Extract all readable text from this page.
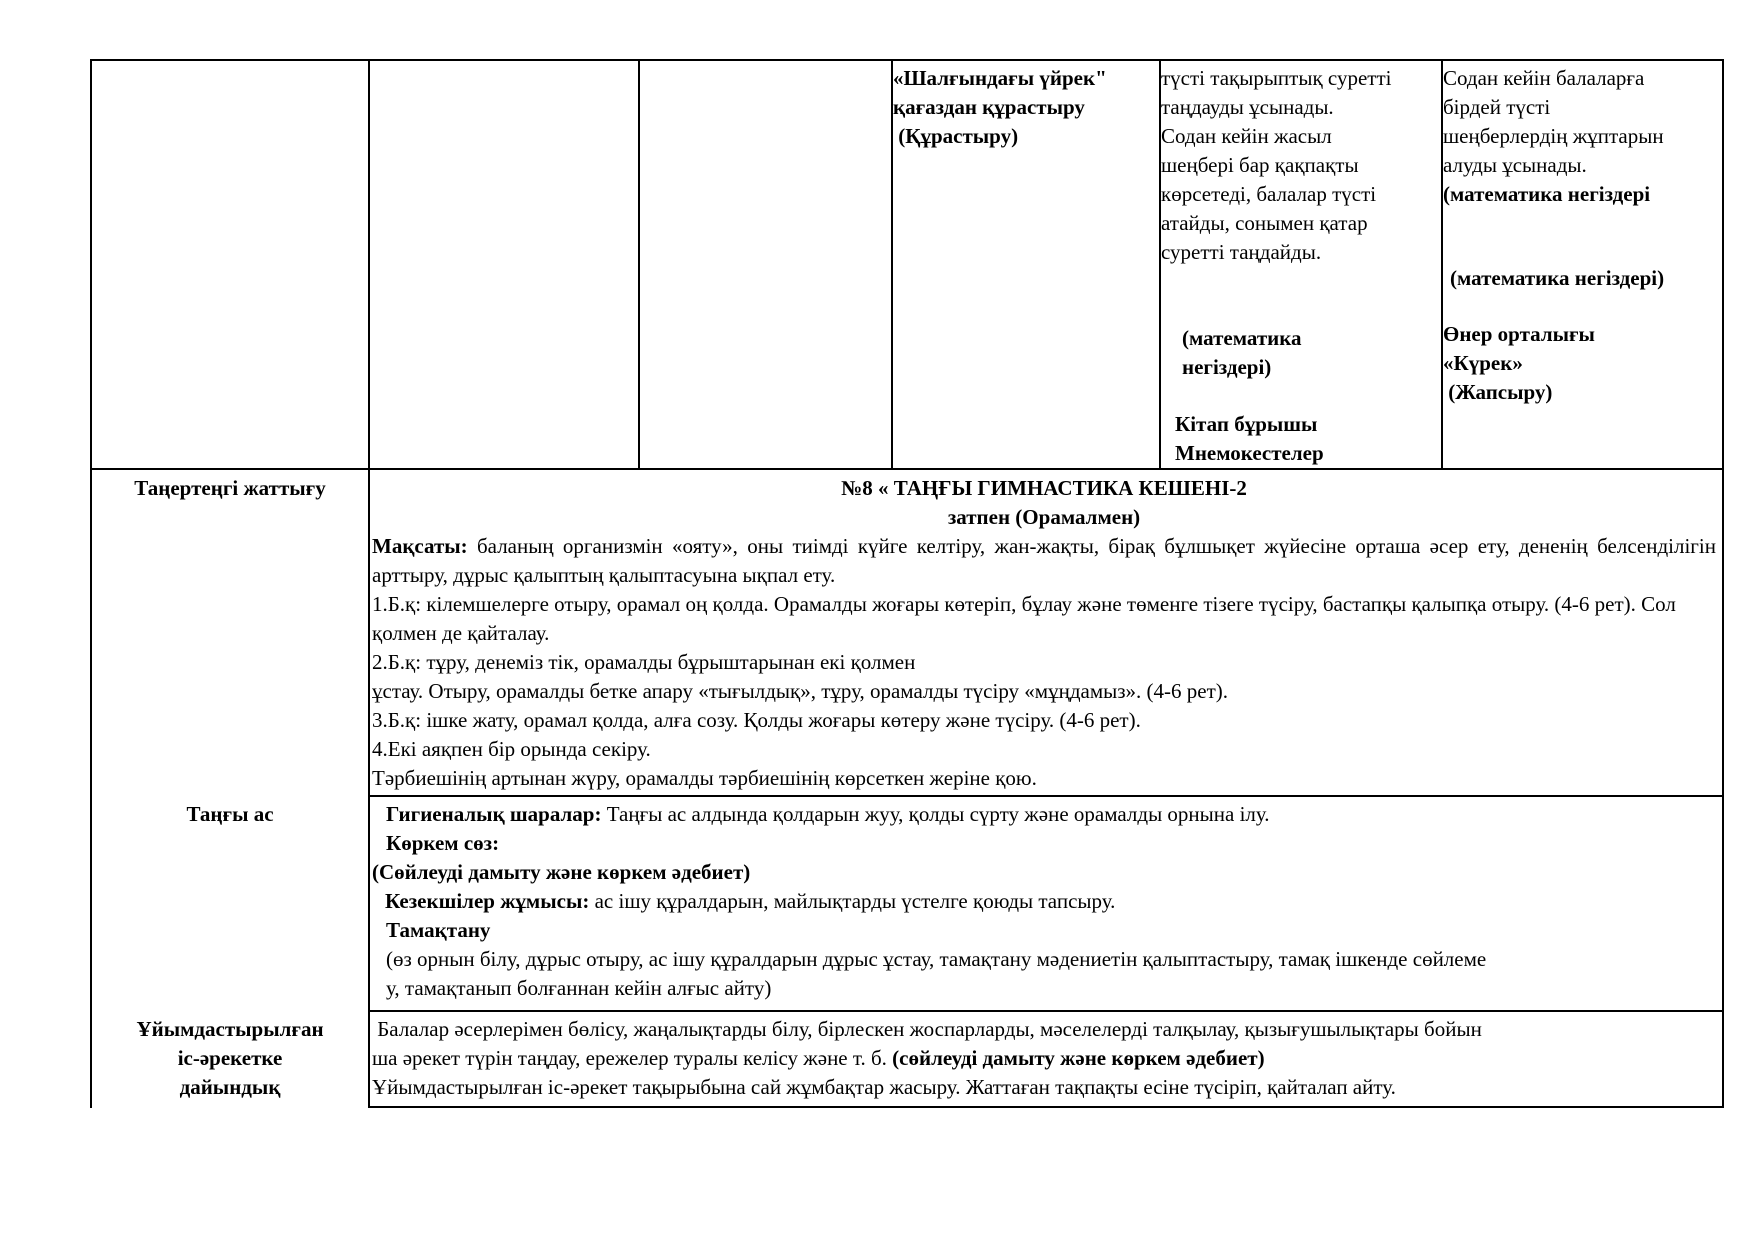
«Шалғындағы үйрек"
қағаздан құрастыру
(Құрастыру)
түсті тақырыптық суретті
таңдауды ұсынады.
Содан кейін жасыл
шеңбері бар қақпақты
көрсетеді, балалар түсті
атайды, сонымен қатар
суретті таңдайды.
(математика
негіздері)
Кітап бұрышы
Мнемокестелер
Содан кейін балаларға
бірдей түсті
шеңберлердің жұптарын
алуды ұсынады.
(математика негіздері
(математика негіздері)
Өнер орталығы
«Күрек»
(Жапсыру)
Таңертеңгі жаттығу	№8 « ТАҢҒЫ ГИМНАСТИКА КЕШЕНІ-2
затпен (Орамалмен)
Мақсаты: баланың организмін «ояту», оны тиімді күйге келтіру, жан-жақты, бірақ бұлшықет жүйесіне орташа әсер ету, дененің белсенділігін арттыру, дұрыс қалыптың қалыптасуына ықпал ету.
1.Б.қ: кілемшелерге отыру, орамал оң қолда. Орамалды жоғары көтеріп, бұлау және төменге тізеге түсіру, бастапқы қалыпқа отыру. (4-6 рет). Сол қолмен де қайталау.
2.Б.қ: тұру, денеміз тік, орамалды бұрыштарынан екі қолмен
ұстау. Отыру, орамалды бетке апару «тығылдық», тұру, орамалды түсіру «мұңдамыз». (4-6 рет).
3.Б.қ: ішке жату, орамал қолда, алға созу. Қолды жоғары көтеру және түсіру. (4-6 рет).
4.Екі аяқпен бір орында секіру.
Тәрбиешінің артынан жүру, орамалды тәрбиешінің көрсеткен жеріне қою.
Таңғы ас	Гигиеналық шаралар: Таңғы ас алдында қолдарын жуу, қолды сүрту және орамалды орнына ілу.
Көркем сөз:
(Сөйлеуді дамыту және көркем әдебиет)
Кезекшілер жұмысы: ас ішу құралдарын, майлықтарды үстелге қоюды тапсыру.
Тамақтану
(өз орнын білу, дұрыс отыру, ас ішу құралдарын дұрыс ұстау, тамақтану мәдениетін қалыптастыру, тамақ ішкенде сөйлеме
у, тамақтанып болғаннан кейін алғыс айту)
Ұйымдастырылған
іс-әрекетке
дайындық
Балалар әсерлерімен бөлісу, жаңалықтарды білу, бірлескен жоспарларды, мәселелерді талқылау, қызығушылықтары бойын
ша әрекет түрін таңдау, ережелер туралы келісу және т. б. (сөйлеуді дамыту және көркем әдебиет)
Ұйымдастырылған іс-әрекет тақырыбына сай жұмбақтар жасыру. Жаттаған тақпақты есіне түсіріп, қайталап айту.
